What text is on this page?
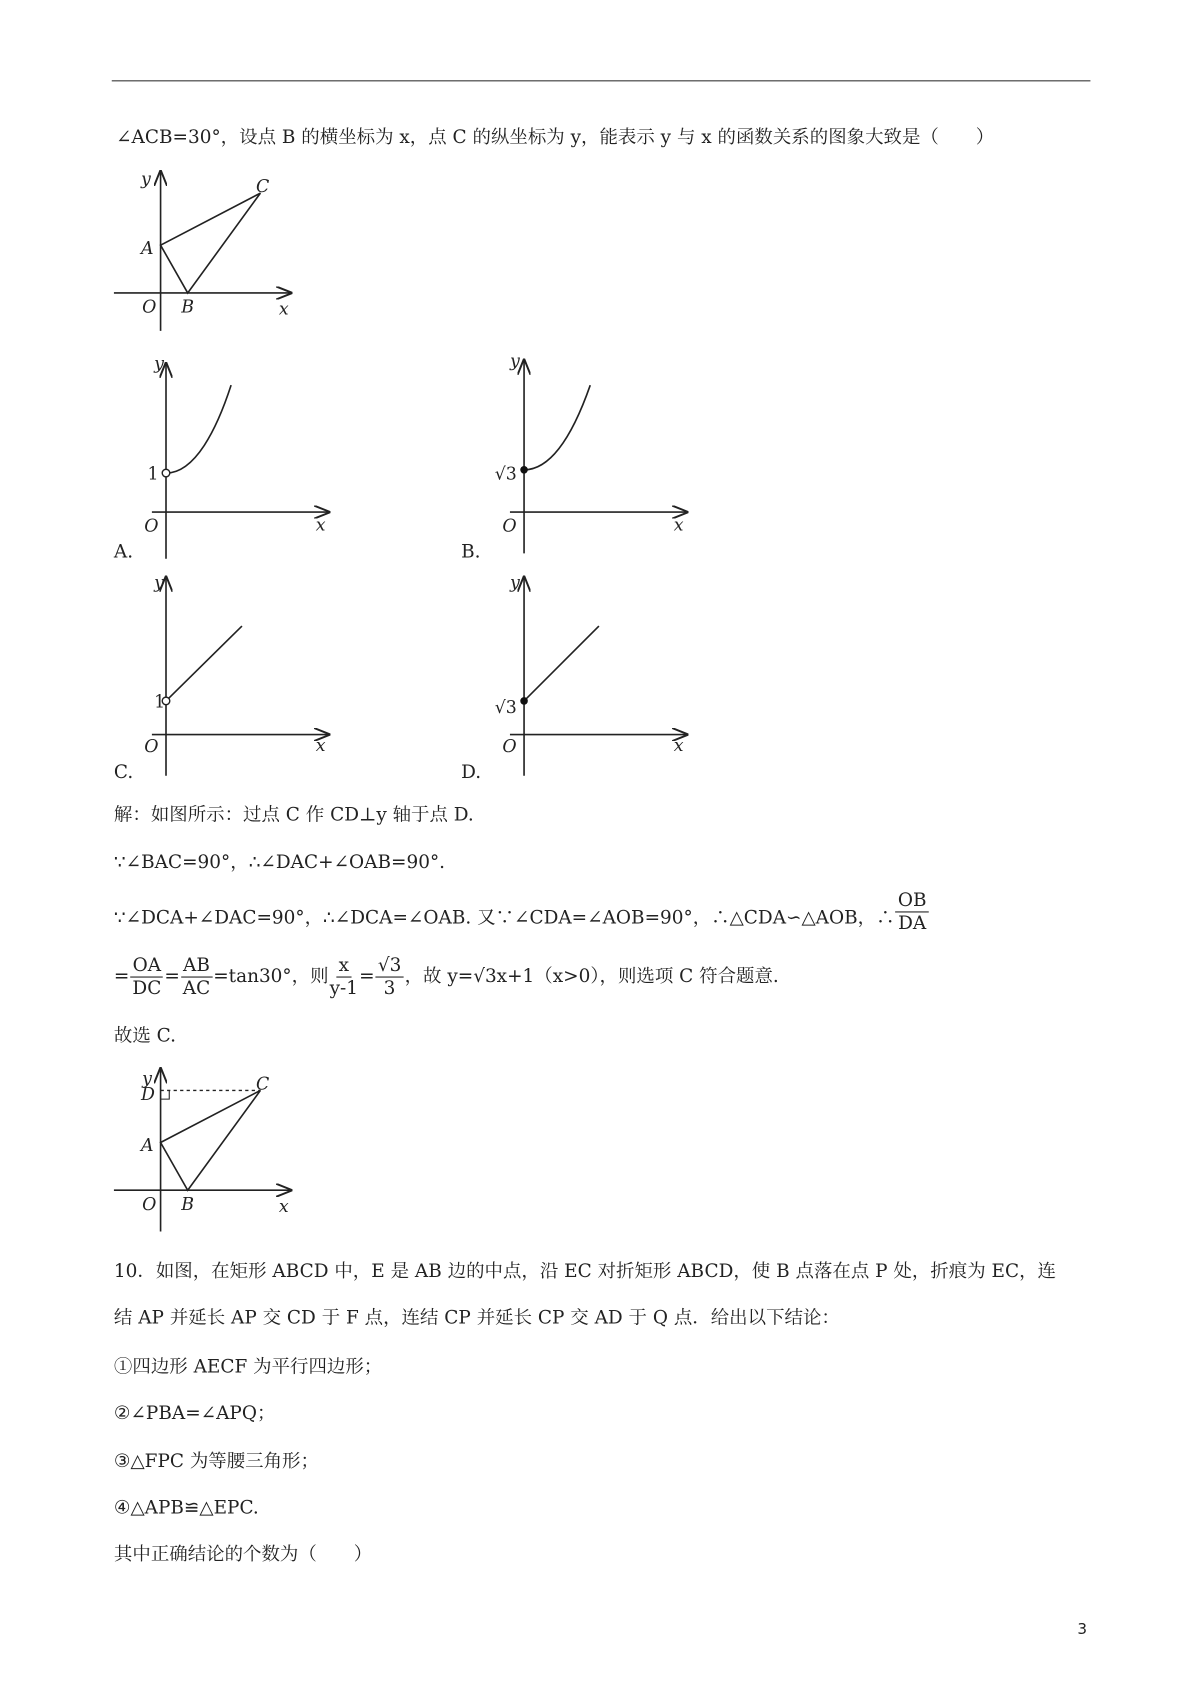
∠ACB=30°，设点 B 的横坐标为 x，点 C 的纵坐标为 y，能表示 y 与 x 的函数关系的图象大致是（　　）
y
x
O
A
B
C
y
x
O
1
y
x
O
√3
y
x
O
1
y
x
O
√3
A.	B.
C.	D.
解：如图所示：过点 C 作 CD⊥y 轴于点 D.
∵∠BAC=90°，∴∠DAC+∠OAB=90°.
∵∠DCA+∠DAC=90°，∴∠DCA=∠OAB. 又∵∠CDA=∠AOB=90°，∴△CDA∽△AOB，∴ $\frac{OB}{DA}$
= $\frac{OA}{DC} = \frac{AB}{AC} =\tan 30^\circ$，则 $\frac{x}{y-1} = \frac{√3}{3}$ ，故 y=√3x+1（x>0），则选项 C 符合题意.
故选 C.
y
x
D
O
A
B
C
10．如图，在矩形 ABCD 中，E 是 AB 边的中点，沿 EC 对折矩形 ABCD，使 B 点落在点 P 处，折痕为 EC，连
结 AP 并延长 AP 交 CD 于 F 点，连结 CP 并延长 CP 交 AD 于 Q 点．给出以下结论：
①四边形 AECF 为平行四边形；
②∠PBA=∠APQ；
③△FPC 为等腰三角形；
④△APB≌△EPC.
其中正确结论的个数为（　　）
3
